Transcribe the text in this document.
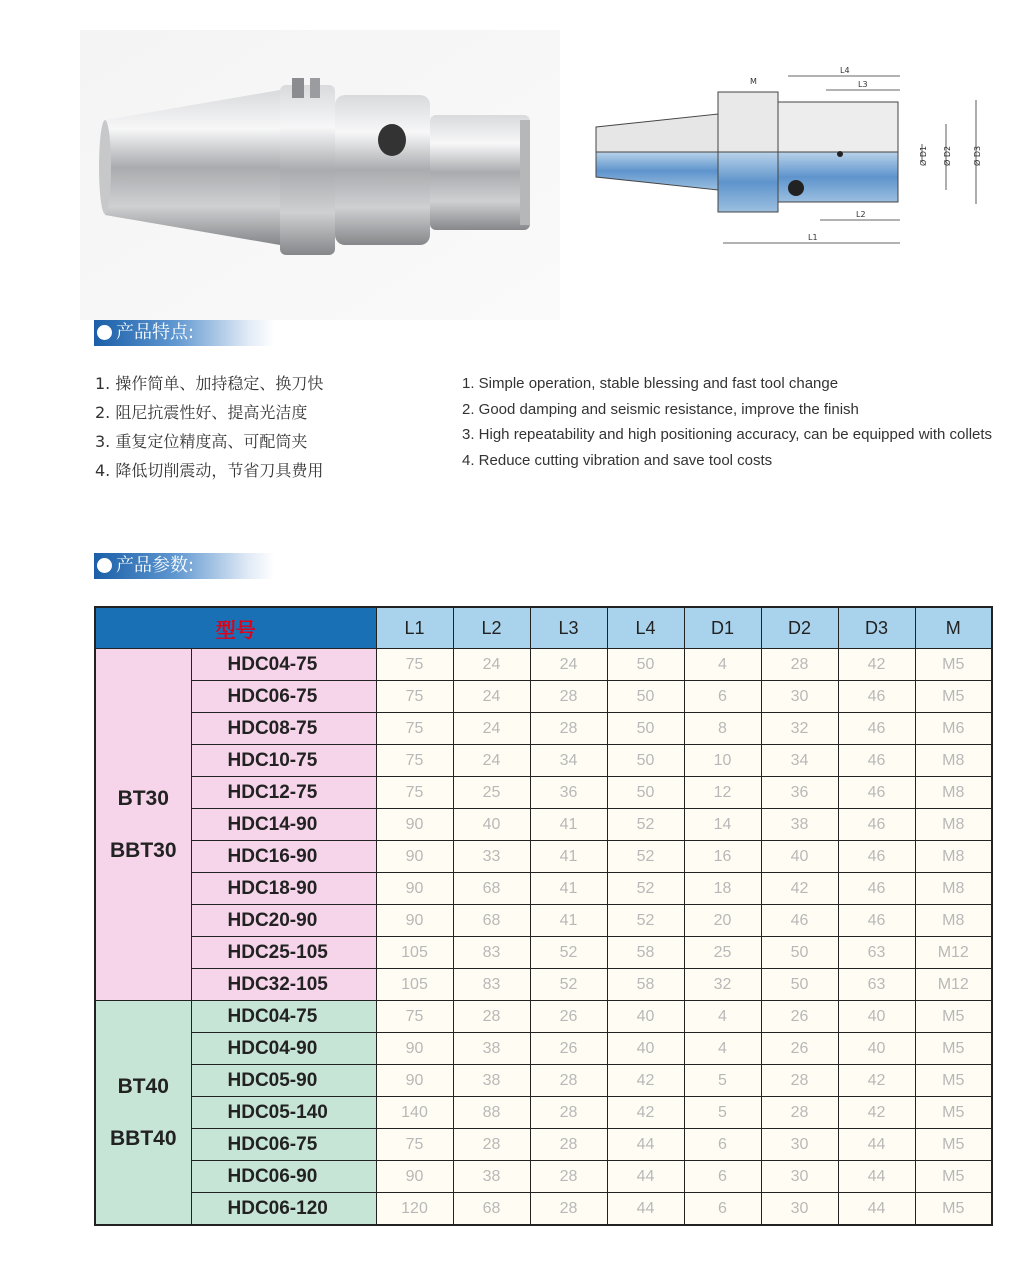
L4
L3
L2
L1
M
Ø D1 Ø D2	Ø D3
产品特点:
1. 操作简单、加持稳定、换刀快
2. 阻尼抗震性好、提高光洁度
3. 重复定位精度高、可配筒夹
4. 降低切削震动，节省刀具费用
1. Simple operation, stable blessing and fast tool change
2. Good damping and seismic resistance, improve the finish
3. High repeatability and high positioning accuracy, can be equipped with collets
4. Reduce cutting vibration and save tool costs
产品参数:
型号		L1	L2	L3	L4	D1	D2	D3	M

BT30
BBT30	HDC04-75	75	24	24	50	4	28	42	M5
	HDC06-75	75	24	28	50	6	30	46	M5
	HDC08-75	75	24	28	50	8	32	46	M6
	HDC10-75	75	24	34	50	10	34	46	M8
	HDC12-75	75	25	36	50	12	36	46	M8
	HDC14-90	90	40	41	52	14	38	46	M8
	HDC16-90	90	33	41	52	16	40	46	M8
	HDC18-90	90	68	41	52	18	42	46	M8
	HDC20-90	90	68	41	52	20	46	46	M8
	HDC25-105	105	83	52	58	25	50	63	M12
	HDC32-105	105	83	52	58	32	50	63	M12

BT40
BBT40	HDC04-75	75	28	26	40	4	26	40	M5
	HDC04-90	90	38	26	40	4	26	40	M5
	HDC05-90	90	38	28	42	5	28	42	M5
	HDC05-140	140	88	28	42	5	28	42	M5
	HDC06-75	75	28	28	44	6	30	44	M5
	HDC06-90	90	38	28	44	6	30	44	M5
	HDC06-120	120	68	28	44	6	30	44	M5
